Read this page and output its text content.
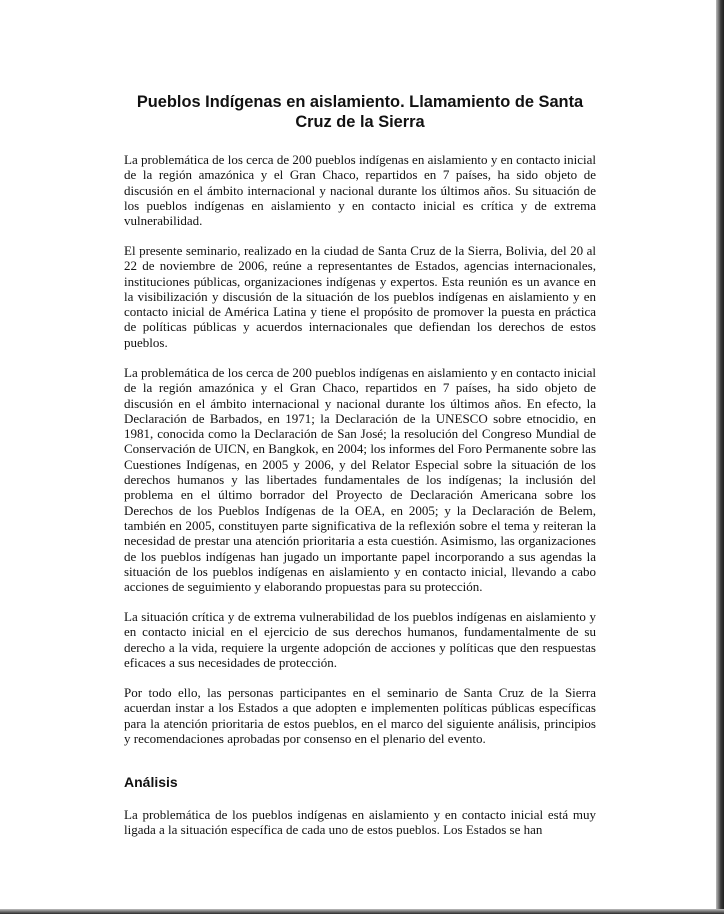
Pueblos Indígenas en aislamiento. Llamamiento de Santa Cruz de la Sierra

La problemática de los cerca de 200 pueblos indígenas en aislamiento y en contacto inicial de la región amazónica y el Gran Chaco, repartidos en 7 países, ha sido objeto de discusión en el ámbito internacional y nacional durante los últimos años. Su situación de los pueblos indígenas en aislamiento y en contacto inicial es crítica y de extrema vulnerabilidad.

El presente seminario, realizado en la ciudad de Santa Cruz de la Sierra, Bolivia, del 20 al 22 de noviembre de 2006, reúne a representantes de Estados, agencias internacionales, instituciones públicas, organizaciones indígenas y expertos. Esta reunión es un avance en la visibilización y discusión de la situación de los pueblos indígenas en aislamiento y en contacto inicial de América Latina y tiene el propósito de promover la puesta en práctica de políticas públicas y acuerdos internacionales que defiendan los derechos de estos pueblos.

La problemática de los cerca de 200 pueblos indígenas en aislamiento y en contacto inicial de la región amazónica y el Gran Chaco, repartidos en 7 países, ha sido objeto de discusión en el ámbito internacional y nacional durante los últimos años. En efecto, la Declaración de Barbados, en 1971; la Declaración de la UNESCO sobre etnocidio, en 1981, conocida como la Declaración de San José; la resolución del Congreso Mundial de Conservación de UICN, en Bangkok, en 2004; los informes del Foro Permanente sobre las Cuestiones Indígenas, en 2005 y 2006, y del Relator Especial sobre la situación de los derechos humanos y las libertades fundamentales de los indígenas; la inclusión del problema en el último borrador del Proyecto de Declaración Americana sobre los Derechos de los Pueblos Indígenas de la OEA, en 2005; y la Declaración de Belem, también en 2005, constituyen parte significativa de la reflexión sobre el tema y reiteran la necesidad de prestar una atención prioritaria a esta cuestión. Asimismo, las organizaciones de los pueblos indígenas han jugado un importante papel incorporando a sus agendas la situación de los pueblos indígenas en aislamiento y en contacto inicial, llevando a cabo acciones de seguimiento y elaborando propuestas para su protección.

La situación crítica y de extrema vulnerabilidad de los pueblos indígenas en aislamiento y en contacto inicial en el ejercicio de sus derechos humanos, fundamentalmente de su derecho a la vida, requiere la urgente adopción de acciones y políticas que den respuestas eficaces a sus necesidades de protección.

Por todo ello, las personas participantes en el seminario de Santa Cruz de la Sierra acuerdan instar a los Estados a que adopten e implementen políticas públicas específicas para la atención prioritaria de estos pueblos, en el marco del siguiente análisis, principios y recomendaciones aprobadas por consenso en el plenario del evento.

Análisis

La problemática de los pueblos indígenas en aislamiento y en contacto inicial está muy ligada a la situación específica de cada uno de estos pueblos. Los Estados se han
